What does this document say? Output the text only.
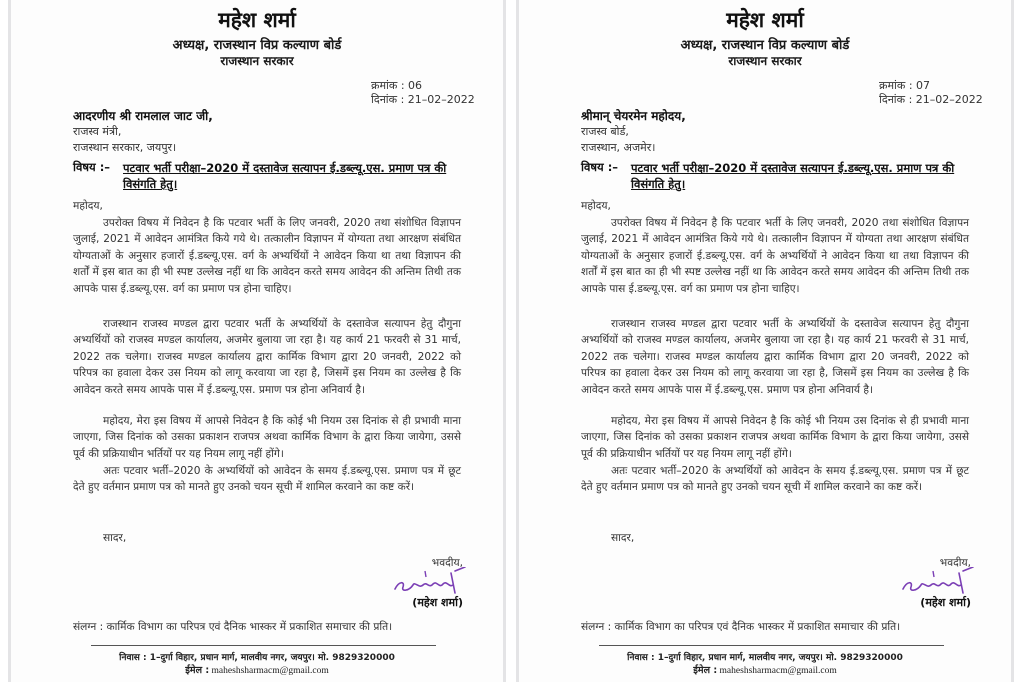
महेश शर्मा
अध्यक्ष, राजस्थान विप्र कल्याण बोर्ड
राजस्थान सरकार
क्रमांक : 06
दिनांक : 21–02–2022
आदरणीय श्री रामलाल जाट जी,
राजस्व मंत्री,
राजस्थान सरकार, जयपुर।
विषय :– पटवार भर्ती परीक्षा–2020 में दस्तावेज सत्यापन ई.डब्ल्यू.एस. प्रमाण पत्र की विसंगति हेतु।
महोदय,
उपरोक्त विषय में निवेदन है कि पटवार भर्ती के लिए जनवरी, 2020 तथा संशोधित विज्ञापन जुलाई, 2021 में आवेदन आमंत्रित किये गये थे। तत्कालीन विज्ञापन में योग्यता तथा आरक्षण संबंधित योग्यताओं के अनुसार हजारों ई.डब्ल्यू.एस. वर्ग के अभ्यर्थियों ने आवेदन किया था तथा विज्ञापन की शर्तों में इस बात का ही भी स्पष्ट उल्लेख नहीं था कि आवेदन करते समय आवेदन की अन्तिम तिथी तक आपके पास ई.डब्ल्यू.एस. वर्ग का प्रमाण पत्र होना चाहिए।
राजस्थान राजस्व मण्डल द्वारा पटवार भर्ती के अभ्यर्थियों के दस्तावेज सत्यापन हेतु दौगुना अभ्यर्थियों को राजस्व मण्डल कार्यालय, अजमेर बुलाया जा रहा है। यह कार्य 21 फरवरी से 31 मार्च, 2022 तक चलेगा। राजस्व मण्डल कार्यालय द्वारा कार्मिक विभाग द्वारा 20 जनवरी, 2022 को परिपत्र का हवाला देकर उस नियम को लागू करवाया जा रहा है, जिसमें इस नियम का उल्लेख है कि आवेदन करते समय आपके पास में ई.डब्ल्यू.एस. प्रमाण पत्र होना अनिवार्य है।
महोदय, मेरा इस विषय में आपसे निवेदन है कि कोई भी नियम उस दिनांक से ही प्रभावी माना जाएगा, जिस दिनांक को उसका प्रकाशन राजपत्र अथवा कार्मिक विभाग के द्वारा किया जायेगा, उससे पूर्व की प्रक्रियाधीन भर्तियों पर यह नियम लागू नहीं होंगे।
अतः पटवार भर्ती–2020 के अभ्यर्थियों को आवेदन के समय ई.डब्ल्यू.एस. प्रमाण पत्र में छूट देते हुए वर्तमान प्रमाण पत्र को मानते हुए उनको चयन सूची में शामिल करवाने का कष्ट करें।
सादर,
भवदीय,
(महेश शर्मा)
संलग्न : कार्मिक विभाग का परिपत्र एवं दैनिक भास्कर में प्रकाशित समाचार की प्रति।
निवास : 1–दुर्गा विहार, प्रधान मार्ग, मालवीय नगर, जयपुर। मो. 9829320000
ईमेल : maheshsharmacm@gmail.com
महेश शर्मा
अध्यक्ष, राजस्थान विप्र कल्याण बोर्ड
राजस्थान सरकार
क्रमांक : 07
दिनांक : 21–02–2022
श्रीमान् चेयरमेन महोदय,
राजस्व बोर्ड,
राजस्थान, अजमेर।
विषय :– पटवार भर्ती परीक्षा–2020 में दस्तावेज सत्यापन ई.डब्ल्यू.एस. प्रमाण पत्र की विसंगति हेतु।
महोदय,
उपरोक्त विषय में निवेदन है कि पटवार भर्ती के लिए जनवरी, 2020 तथा संशोधित विज्ञापन जुलाई, 2021 में आवेदन आमंत्रित किये गये थे। तत्कालीन विज्ञापन में योग्यता तथा आरक्षण संबंधित योग्यताओं के अनुसार हजारों ई.डब्ल्यू.एस. वर्ग के अभ्यर्थियों ने आवेदन किया था तथा विज्ञापन की शर्तों में इस बात का ही भी स्पष्ट उल्लेख नहीं था कि आवेदन करते समय आवेदन की अन्तिम तिथी तक आपके पास ई.डब्ल्यू.एस. वर्ग का प्रमाण पत्र होना चाहिए।
राजस्थान राजस्व मण्डल द्वारा पटवार भर्ती के अभ्यर्थियों के दस्तावेज सत्यापन हेतु दौगुना अभ्यर्थियों को राजस्व मण्डल कार्यालय, अजमेर बुलाया जा रहा है। यह कार्य 21 फरवरी से 31 मार्च, 2022 तक चलेगा। राजस्व मण्डल कार्यालय द्वारा कार्मिक विभाग द्वारा 20 जनवरी, 2022 को परिपत्र का हवाला देकर उस नियम को लागू करवाया जा रहा है, जिसमें इस नियम का उल्लेख है कि आवेदन करते समय आपके पास में ई.डब्ल्यू.एस. प्रमाण पत्र होना अनिवार्य है।
महोदय, मेरा इस विषय में आपसे निवेदन है कि कोई भी नियम उस दिनांक से ही प्रभावी माना जाएगा, जिस दिनांक को उसका प्रकाशन राजपत्र अथवा कार्मिक विभाग के द्वारा किया जायेगा, उससे पूर्व की प्रक्रियाधीन भर्तियों पर यह नियम लागू नहीं होंगे।
अतः पटवार भर्ती–2020 के अभ्यर्थियों को आवेदन के समय ई.डब्ल्यू.एस. प्रमाण पत्र में छूट देते हुए वर्तमान प्रमाण पत्र को मानते हुए उनको चयन सूची में शामिल करवाने का कष्ट करें।
सादर,
भवदीय,
(महेश शर्मा)
संलग्न : कार्मिक विभाग का परिपत्र एवं दैनिक भास्कर में प्रकाशित समाचार की प्रति।
निवास : 1–दुर्गा विहार, प्रधान मार्ग, मालवीय नगर, जयपुर। मो. 9829320000
ईमेल : maheshsharmacm@gmail.com
